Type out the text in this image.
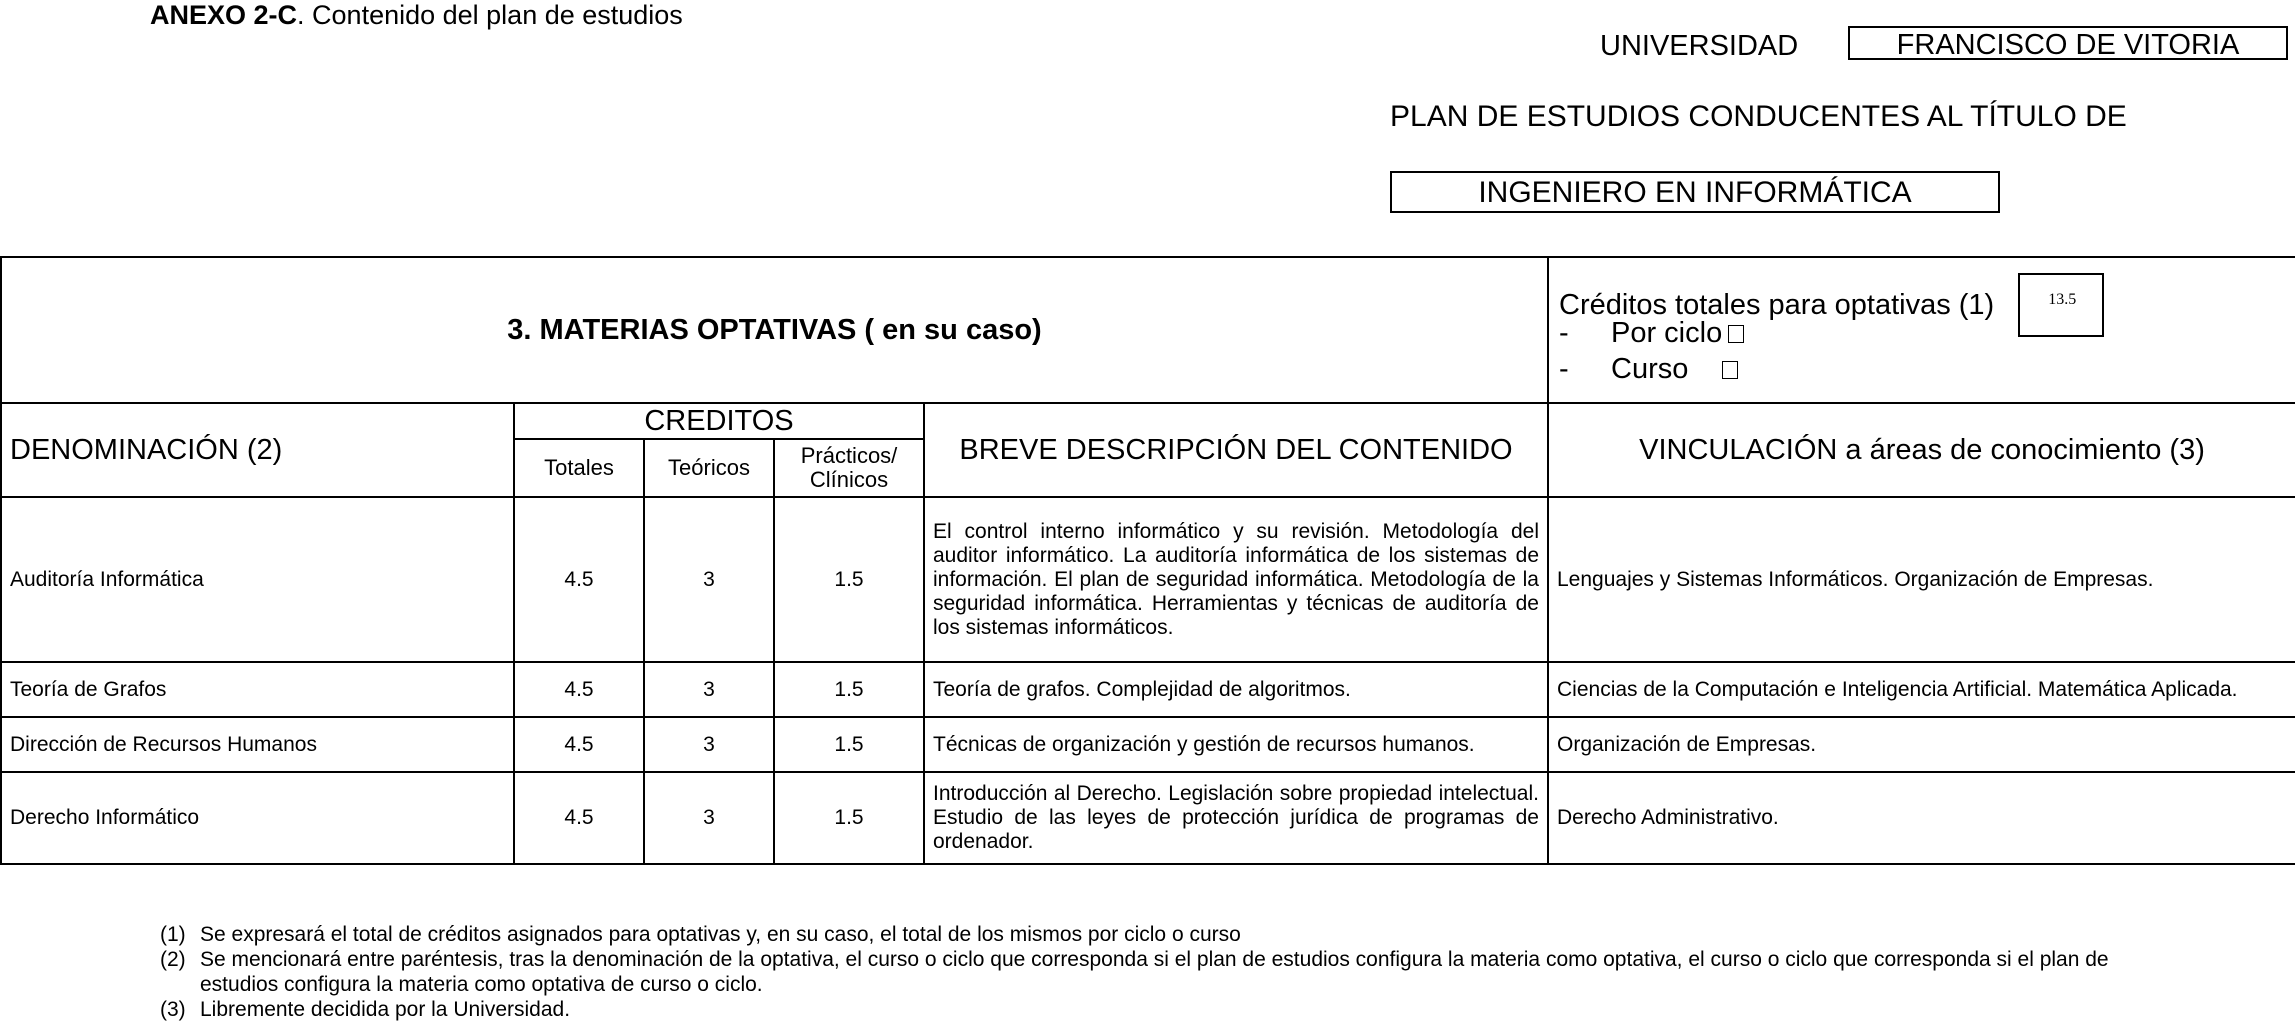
ANEXO 2-C. Contenido del plan de estudios
UNIVERSIDAD	FRANCISCO DE VITORIA
PLAN DE ESTUDIOS CONDUCENTES AL TÍTULO DE
INGENIERO EN INFORMÁTICA
3. MATERIAS OPTATIVAS ( en su caso)					Créditos totales para optativas (1) 13.5
- Por ciclo
- Curso

DENOMINACIÓN (2)	CREDITOS			BREVE DESCRIPCIÓN DEL CONTENIDO	VINCULACIÓN a áreas de conocimiento (3)
	Totales	Teóricos	Prácticos/ Clínicos		
Auditoría Informática	4.5	3	1.5	El control interno informático y su revisión. Metodología del auditor informático. La auditoría informática de los sistemas de información. El plan de seguridad informática. Metodología de la seguridad informática. Herramientas y técnicas de auditoría de los sistemas informáticos.	Lenguajes y Sistemas Informáticos. Organización de Empresas.
Teoría de Grafos	4.5	3	1.5	Teoría de grafos. Complejidad de algoritmos.	Ciencias de la Computación e Inteligencia Artificial. Matemática Aplicada.
Dirección de Recursos Humanos	4.5	3	1.5	Técnicas de organización y gestión de recursos humanos.	Organización de Empresas.
Derecho Informático	4.5	3	1.5	Introducción al Derecho. Legislación sobre propiedad intelectual. Estudio de las leyes de protección jurídica de programas de ordenador.	Derecho Administrativo.
(1) Se expresará el total de créditos asignados para optativas y, en su caso, el total de los mismos por ciclo o curso
(2) Se mencionará entre paréntesis, tras la denominación de la optativa, el curso o ciclo que corresponda si el plan de estudios configura la materia como optativa, el curso o ciclo que corresponda si el plan de estudios configura la materia como optativa de curso o ciclo.
(3) Libremente decidida por la Universidad.
